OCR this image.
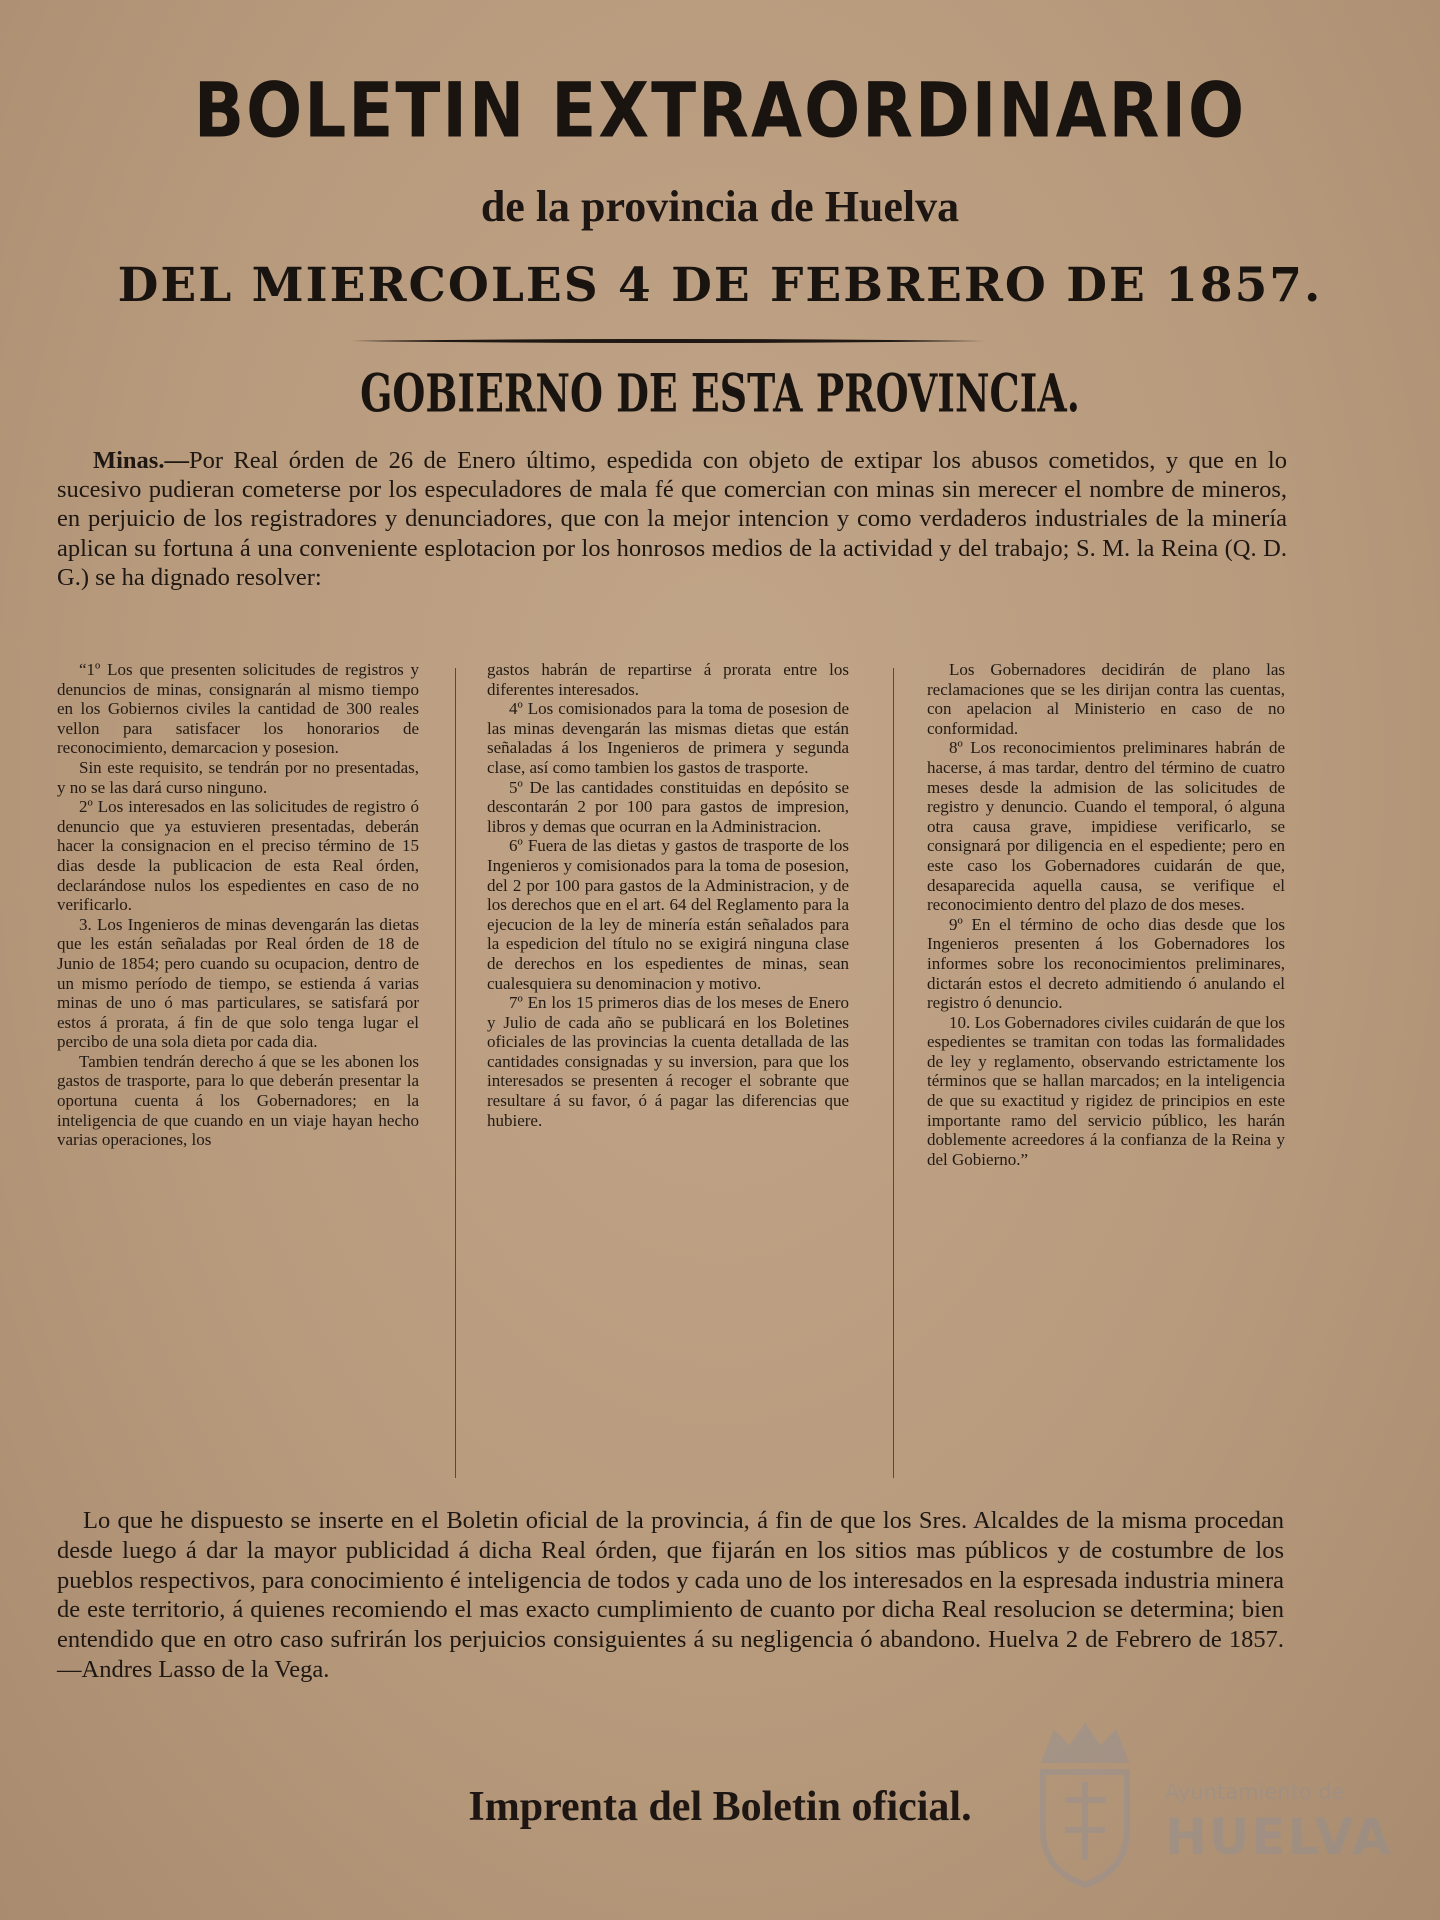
BOLETIN EXTRAORDINARIO
de la provincia de Huelva
DEL MIERCOLES 4 DE FEBRERO DE 1857.
GOBIERNO DE ESTA PROVINCIA.
Minas.—Por Real órden de 26 de Enero último, espedida con objeto de extipar los abusos cometidos, y que en lo sucesivo pudieran cometerse por los especuladores de mala fé que comercian con minas sin merecer el nombre de mineros, en perjuicio de los registradores y denunciadores, que con la mejor intencion y como verdaderos industriales de la minería aplican su fortuna á una conveniente esplotacion por los honrosos medios de la actividad y del trabajo; S. M. la Reina (Q. D. G.) se ha dignado resolver:

“1º Los que presenten solicitudes de registros y denuncios de minas, consignarán al mismo tiempo en los Gobiernos civiles la cantidad de 300 reales vellon para satisfacer los honorarios de reconocimiento, demarcacion y posesion.

Sin este requisito, se tendrán por no presentadas, y no se las dará curso ninguno.

2º Los interesados en las solicitudes de registro ó denuncio que ya estuvieren presentadas, deberán hacer la consignacion en el preciso término de 15 dias desde la publicacion de esta Real órden, declarándose nulos los espedientes en caso de no verificarlo.

3. Los Ingenieros de minas devengarán las dietas que les están señaladas por Real órden de 18 de Junio de 1854; pero cuando su ocupacion, dentro de un mismo período de tiempo, se estienda á varias minas de uno ó mas particulares, se satisfará por estos á prorata, á fin de que solo tenga lugar el percibo de una sola dieta por cada dia.

Tambien tendrán derecho á que se les abonen los gastos de trasporte, para lo que deberán presentar la oportuna cuenta á los Gobernadores; en la inteligencia de que cuando en un viaje hayan hecho varias operaciones, los

gastos habrán de repartirse á prorata entre los diferentes interesados.

4º Los comisionados para la toma de posesion de las minas devengarán las mismas dietas que están señaladas á los Ingenieros de primera y segunda clase, así como tambien los gastos de trasporte.

5º De las cantidades constituidas en depósito se descontarán 2 por 100 para gastos de impresion, libros y demas que ocurran en la Administracion.

6º Fuera de las dietas y gastos de trasporte de los Ingenieros y comisionados para la toma de posesion, del 2 por 100 para gastos de la Administracion, y de los derechos que en el art. 64 del Reglamento para la ejecucion de la ley de minería están señalados para la espedicion del título no se exigirá ninguna clase de derechos en los espedientes de minas, sean cualesquiera su denominacion y motivo.

7º En los 15 primeros dias de los meses de Enero y Julio de cada año se publicará en los Boletines oficiales de las provincias la cuenta detallada de las cantidades consignadas y su inversion, para que los interesados se presenten á recoger el sobrante que resultare á su favor, ó á pagar las diferencias que hubiere.

Los Gobernadores decidirán de plano las reclamaciones que se les dirijan contra las cuentas, con apelacion al Ministerio en caso de no conformidad.

8º Los reconocimientos preliminares habrán de hacerse, á mas tardar, dentro del término de cuatro meses desde la admision de las solicitudes de registro y denuncio. Cuando el temporal, ó alguna otra causa grave, impidiese verificarlo, se consignará por diligencia en el espediente; pero en este caso los Gobernadores cuidarán de que, desaparecida aquella causa, se verifique el reconocimiento dentro del plazo de dos meses.

9º En el término de ocho dias desde que los Ingenieros presenten á los Gobernadores los informes sobre los reconocimientos preliminares, dictarán estos el decreto admitiendo ó anulando el registro ó denuncio.

10. Los Gobernadores civiles cuidarán de que los espedientes se tramitan con todas las formalidades de ley y reglamento, observando estrictamente los términos que se hallan marcados; en la inteligencia de que su exactitud y rigidez de principios en este importante ramo del servicio público, les harán doblemente acreedores á la confianza de la Reina y del Gobierno.”

Lo que he dispuesto se inserte en el Boletin oficial de la provincia, á fin de que los Sres. Alcaldes de la misma procedan desde luego á dar la mayor publicidad á dicha Real órden, que fijarán en los sitios mas públicos y de costumbre de los pueblos respectivos, para conocimiento é inteligencia de todos y cada uno de los interesados en la espresada industria minera de este territorio, á quienes recomiendo el mas exacto cumplimiento de cuanto por dicha Real resolucion se determina; bien entendido que en otro caso sufrirán los perjuicios consiguientes á su negligencia ó abandono. Huelva 2 de Febrero de 1857.—Andres Lasso de la Vega.
Imprenta del Boletin oficial.	Ayuntamiento de
HUELVA
